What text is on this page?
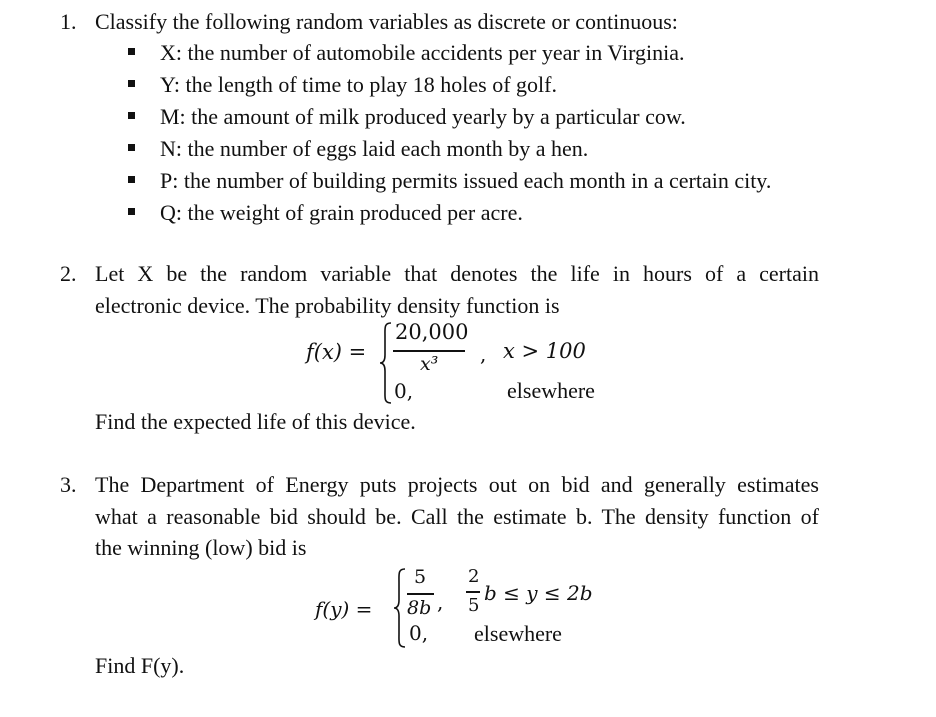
1. Classify the following random variables as discrete or continuous:
X: the number of automobile accidents per year in Virginia.
Y: the length of time to play 18 holes of golf.
M: the amount of milk produced yearly by a particular cow.
N: the number of eggs laid each month by a hen.
P: the number of building permits issued each month in a certain city.
Q: the weight of grain produced per acre.
2. Let X be the random variable that denotes the life in hours of a certain
electronic device. The probability density function is
f(x) =
20,000
x³ , x > 100
0,	elsewhere
Find the expected life of this device.
3. The Department of Energy puts projects out on bid and generally estimates
what a reasonable bid should be. Call the estimate b. The density function of
the winning (low) bid is
f(y) =
5
8b ,
2
5
b ≤ y ≤ 2b
0, elsewhere
Find F(y).
